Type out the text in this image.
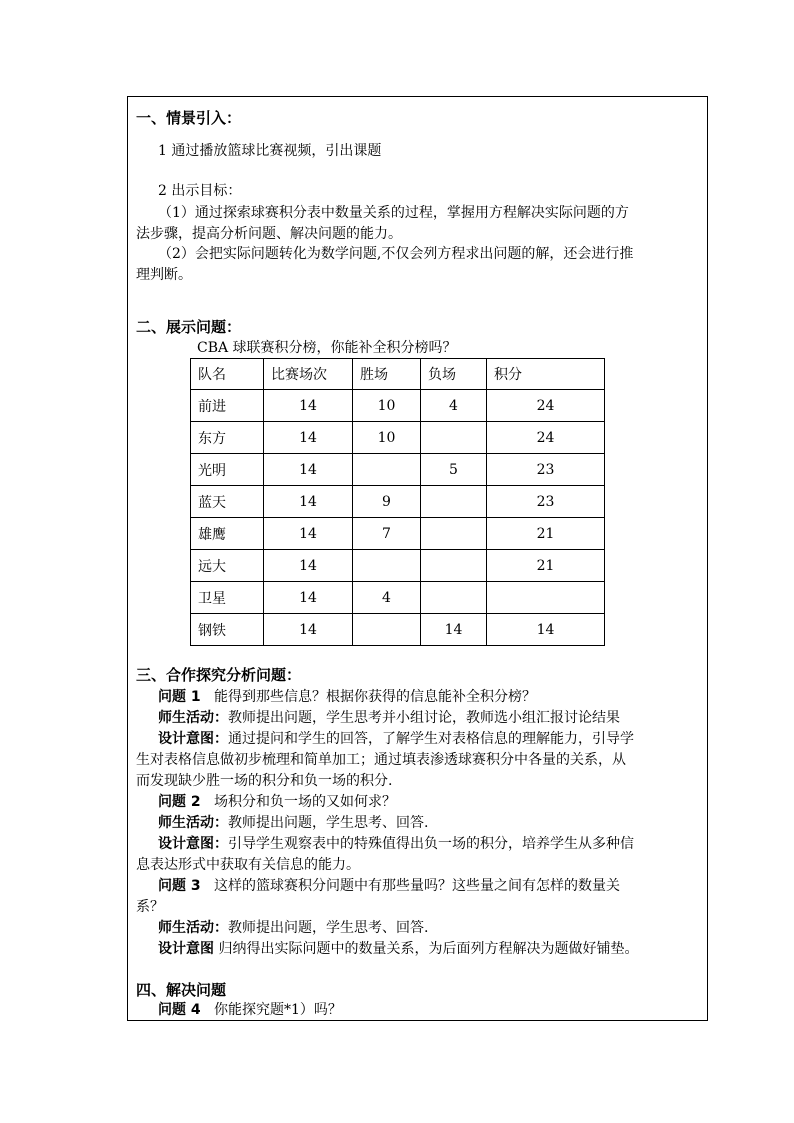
一、情景引入：
1 通过播放篮球比赛视频，引出课题
2 出示目标：
（1）通过探索球赛积分表中数量关系的过程，掌握用方程解决实际问题的方
法步骤，提高分析问题、解决问题的能力。
（2）会把实际问题转化为数学问题,不仅会列方程求出问题的解，还会进行推
理判断。
二、展示问题：
CBA 球联赛积分榜，你能补全积分榜吗？
队名	比赛场次	胜场	负场	积分
前进	14	10	4	24
东方	14	10		24
光明	14		5	23
蓝天	14	9		23
雄鹰	14	7		21
远大	14			21
卫星	14	4		
钢铁	14		14	14
三、合作探究分析问题：
问题 1 能得到那些信息？根据你获得的信息能补全积分榜？
师生活动：教师提出问题，学生思考并小组讨论，教师选小组汇报讨论结果
设计意图：通过提问和学生的回答，了解学生对表格信息的理解能力，引导学
生对表格信息做初步梳理和简单加工；通过填表渗透球赛积分中各量的关系，从
而发现缺少胜一场的积分和负一场的积分.
问题 2 场积分和负一场的又如何求？
师生活动：教师提出问题，学生思考、回答.
设计意图：引导学生观察表中的特殊值得出负一场的积分，培养学生从多种信
息表达形式中获取有关信息的能力。
问题 3 这样的篮球赛积分问题中有那些量吗？这些量之间有怎样的数量关
系？
师生活动：教师提出问题，学生思考、回答.
设计意图 归纳得出实际问题中的数量关系，为后面列方程解决为题做好铺垫。
四、解决问题
问题 4 你能探究题*1）吗？
